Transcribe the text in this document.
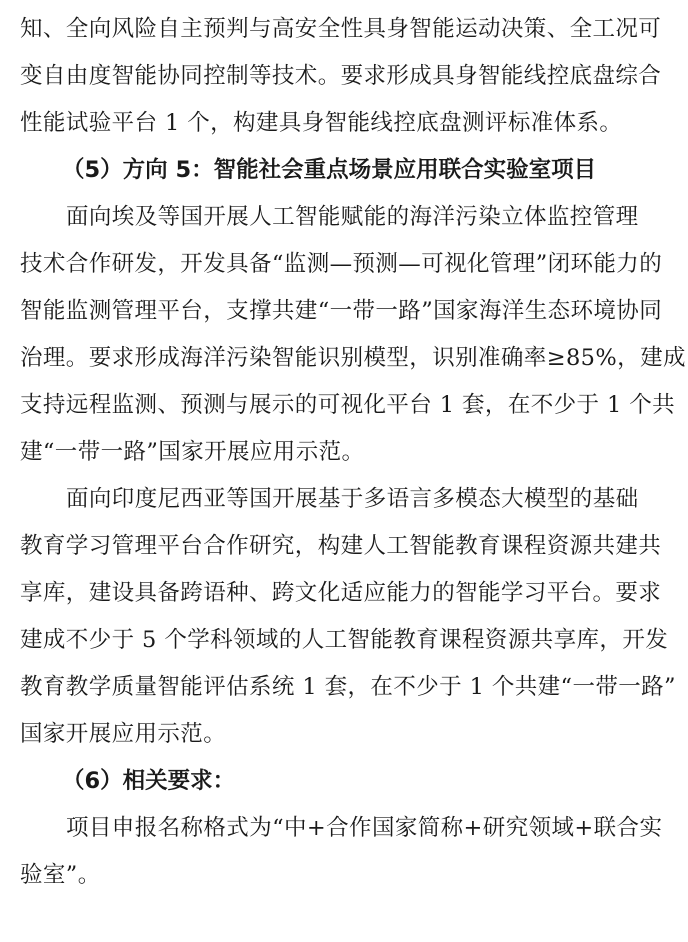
知、全向风险自主预判与高安全性具身智能运动决策、全工况可
变自由度智能协同控制等技术。要求形成具身智能线控底盘综合
性能试验平台 1 个，构建具身智能线控底盘测评标准体系。
（5）方向 5：智能社会重点场景应用联合实验室项目
面向埃及等国开展人工智能赋能的海洋污染立体监控管理
技术合作研发，开发具备“监测—预测—可视化管理”闭环能力的
智能监测管理平台，支撑共建“一带一路”国家海洋生态环境协同
治理。要求形成海洋污染智能识别模型，识别准确率≥85%，建成
支持远程监测、预测与展示的可视化平台 1 套，在不少于 1 个共
建“一带一路”国家开展应用示范。
面向印度尼西亚等国开展基于多语言多模态大模型的基础
教育学习管理平台合作研究，构建人工智能教育课程资源共建共
享库，建设具备跨语种、跨文化适应能力的智能学习平台。要求
建成不少于 5 个学科领域的人工智能教育课程资源共享库，开发
教育教学质量智能评估系统 1 套，在不少于 1 个共建“一带一路”
国家开展应用示范。
（6）相关要求：
项目申报名称格式为“中+合作国家简称+研究领域+联合实
验室”。
